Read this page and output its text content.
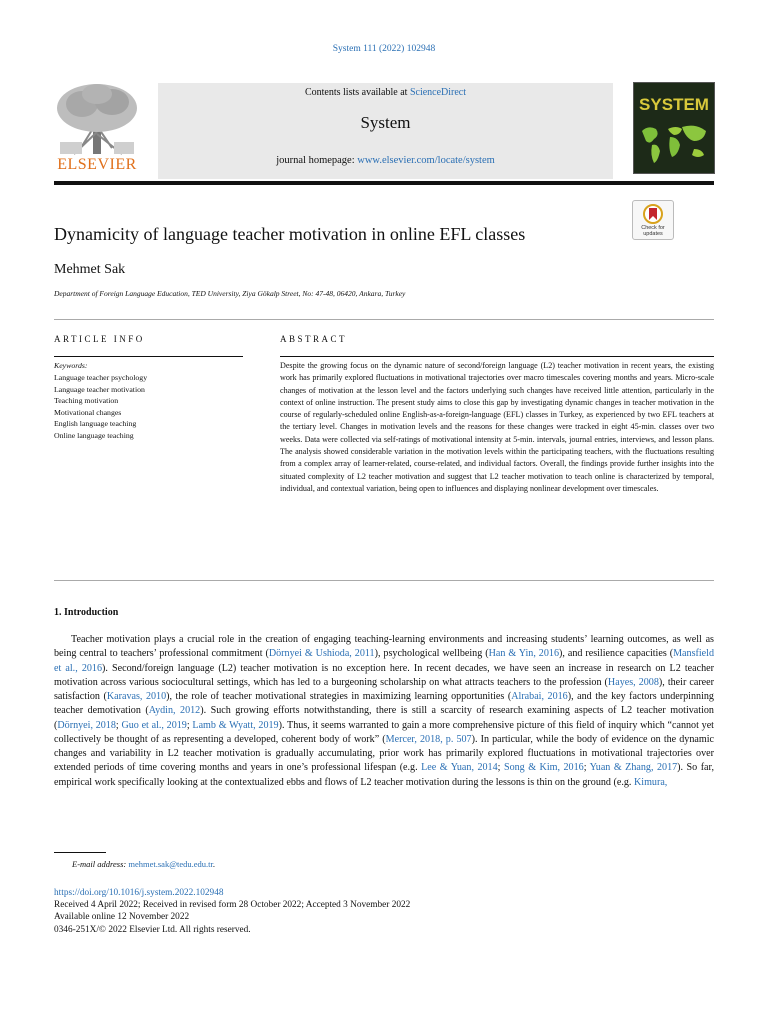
System 111 (2022) 102948
ELSEVIER
Contents lists available at ScienceDirect
System
journal homepage: www.elsevier.com/locate/system
SYSTEM
Dynamicity of language teacher motivation in online EFL classes	Check for
updates
Mehmet Sak
Department of Foreign Language Education, TED University, Ziya Gökalp Street, No: 47-48, 06420, Ankara, Turkey
ARTICLE INFO
Keywords:
Language teacher psychology
Language teacher motivation
Teaching motivation
Motivational changes
English language teaching
Online language teaching
ABSTRACT

Despite the growing focus on the dynamic nature of second/foreign language (L2) teacher motivation in recent years, the existing work has primarily explored fluctuations in motivational trajectories over macro timescales covering months and years. Micro-scale changes of motivation at the lesson level and the factors underlying such changes have received little attention, particularly in the context of online instruction. The present study aims to close this gap by investigating dynamic changes in teacher motivation in the course of regularly-scheduled online English-as-a-foreign-language (EFL) classes in Turkey, as experienced by two EFL teachers at the tertiary level. Changes in motivation levels and the reasons for these changes were tracked in eight 45-min. classes over two weeks. Data were collected via self-ratings of motivational intensity at 5-min. intervals, journal entries, interviews, and lesson plans. The analysis showed considerable variation in the motivation levels within the participating teachers, with the fluctuations resulting from a complex array of learner-related, course-related, and individual factors. Overall, the findings provide further insights into the situated complexity of L2 teacher motivation and suggest that L2 teacher motivation to teach online is characterized by temporal, individual, and contextual variation, being open to influences and displaying nonlinear development over timescales.

1. Introduction

Teacher motivation plays a crucial role in the creation of engaging teaching-learning environments and increasing students’ learning outcomes, as well as being central to teachers’ professional commitment (Dörnyei & Ushioda, 2011), psychological wellbeing (Han & Yin, 2016), and resilience capacities (Mansfield et al., 2016). Second/foreign language (L2) teacher motivation is no exception here. In recent decades, we have seen an increase in research on L2 teacher motivation across various sociocultural settings, which has led to a burgeoning scholarship on what attracts teachers to the profession (Hayes, 2008), their career satisfaction (Karavas, 2010), the role of teacher motivational strategies in maximizing learning opportunities (Alrabai, 2016), and the key factors underpinning teacher demotivation (Aydin, 2012). Such growing efforts notwithstanding, there is still a scarcity of research examining aspects of L2 teacher motivation (Dörnyei, 2018; Guo et al., 2019; Lamb & Wyatt, 2019). Thus, it seems warranted to gain a more comprehensive picture of this field of inquiry which “cannot yet collectively be thought of as representing a developed, coherent body of work” (Mercer, 2018, p. 507). In particular, while the body of evidence on the dynamic changes and variability in L2 teacher motivation is gradually accumulating, prior work has primarily explored fluctuations in motivational trajectories over extended periods of time covering months and years in one’s professional lifespan (e.g. Lee & Yuan, 2014; Song & Kim, 2016; Yuan & Zhang, 2017). So far, empirical work specifically looking at the contextualized ebbs and flows of L2 teacher motivation during the lessons is thin on the ground (e.g. Kimura,

E-mail address: mehmet.sak@tedu.edu.tr.
https://doi.org/10.1016/j.system.2022.102948
Received 4 April 2022; Received in revised form 28 October 2022; Accepted 3 November 2022
Available online 12 November 2022
0346-251X/© 2022 Elsevier Ltd. All rights reserved.
